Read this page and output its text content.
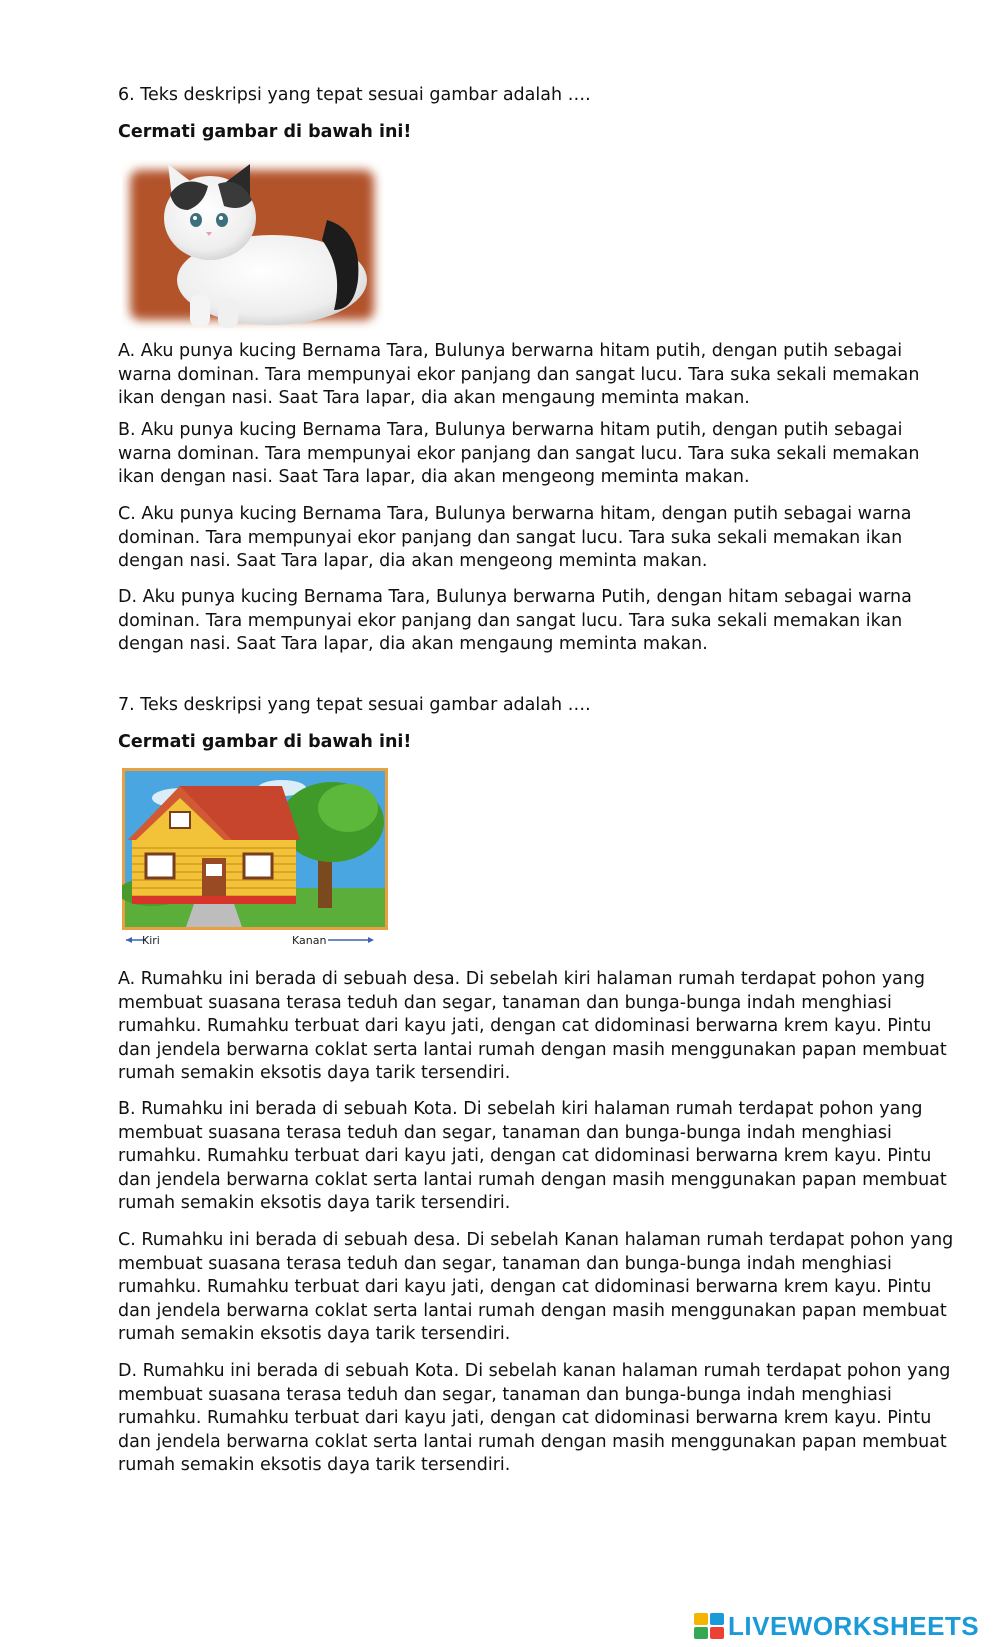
6. Teks deskripsi yang tepat sesuai gambar adalah ….
Cermati gambar di bawah ini!
A. Aku punya kucing Bernama Tara, Bulunya berwarna hitam putih, dengan putih sebagai
warna dominan. Tara mempunyai ekor panjang dan sangat lucu. Tara suka sekali memakan
ikan dengan nasi. Saat Tara lapar, dia akan mengaung meminta makan.
B. Aku punya kucing Bernama Tara, Bulunya berwarna hitam putih, dengan putih sebagai
warna dominan. Tara mempunyai ekor panjang dan sangat lucu. Tara suka sekali memakan
ikan dengan nasi. Saat Tara lapar, dia akan mengeong meminta makan.
C. Aku punya kucing Bernama Tara, Bulunya berwarna hitam, dengan putih sebagai warna
dominan. Tara mempunyai ekor panjang dan sangat lucu. Tara suka sekali memakan ikan
dengan nasi. Saat Tara lapar, dia akan mengeong meminta makan.
D. Aku punya kucing Bernama Tara, Bulunya berwarna Putih, dengan hitam sebagai warna
dominan. Tara mempunyai ekor panjang dan sangat lucu. Tara suka sekali memakan ikan
dengan nasi. Saat Tara lapar, dia akan mengaung meminta makan.
7. Teks deskripsi yang tepat sesuai gambar adalah ….
Cermati gambar di bawah ini!
Kiri	Kanan
A. Rumahku ini berada di sebuah desa. Di sebelah kiri halaman rumah terdapat pohon yang
membuat suasana terasa teduh dan segar, tanaman dan bunga-bunga indah menghiasi
rumahku. Rumahku terbuat dari kayu jati, dengan cat didominasi berwarna krem kayu. Pintu
dan jendela berwarna coklat serta lantai rumah dengan masih menggunakan papan membuat
rumah semakin eksotis daya tarik tersendiri.
B. Rumahku ini berada di sebuah Kota. Di sebelah kiri halaman rumah terdapat pohon yang
membuat suasana terasa teduh dan segar, tanaman dan bunga-bunga indah menghiasi
rumahku. Rumahku terbuat dari kayu jati, dengan cat didominasi berwarna krem kayu. Pintu
dan jendela berwarna coklat serta lantai rumah dengan masih menggunakan papan membuat
rumah semakin eksotis daya tarik tersendiri.
C. Rumahku ini berada di sebuah desa. Di sebelah Kanan halaman rumah terdapat pohon yang
membuat suasana terasa teduh dan segar, tanaman dan bunga-bunga indah menghiasi
rumahku. Rumahku terbuat dari kayu jati, dengan cat didominasi berwarna krem kayu. Pintu
dan jendela berwarna coklat serta lantai rumah dengan masih menggunakan papan membuat
rumah semakin eksotis daya tarik tersendiri.
D. Rumahku ini berada di sebuah Kota. Di sebelah kanan halaman rumah terdapat pohon yang
membuat suasana terasa teduh dan segar, tanaman dan bunga-bunga indah menghiasi
rumahku. Rumahku terbuat dari kayu jati, dengan cat didominasi berwarna krem kayu. Pintu
dan jendela berwarna coklat serta lantai rumah dengan masih menggunakan papan membuat
rumah semakin eksotis daya tarik tersendiri.
LIVEWORKSHEETS
